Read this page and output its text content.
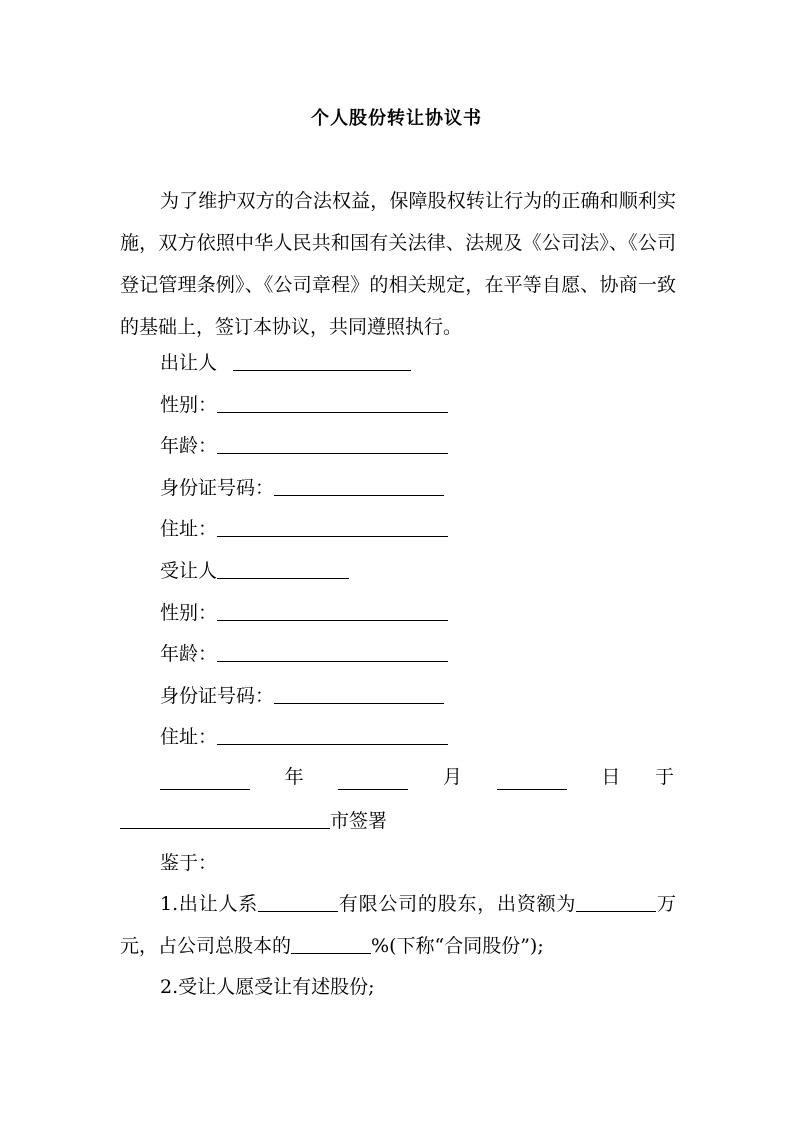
个人股份转让协议书
为了维护双方的合法权益，保障股权转让行为的正确和顺利实施，双方依照中华人民共和国有关法律、法规及《公司法》、《公司登记管理条例》、《公司章程》的相关规定，在平等自愿、协商一致的基础上，签订本协议，共同遵照执行。
出让人
性别：
年龄：
身份证号码：
住址：
受让人
性别：
年龄：
身份证号码：
住址：
年	月	日 于
市签署
鉴于：
1.出让人系	有限公司的股东，出资额为	万元，占公司总股本的	%(下称“合同股份”);
2.受让人愿受让有述股份;
